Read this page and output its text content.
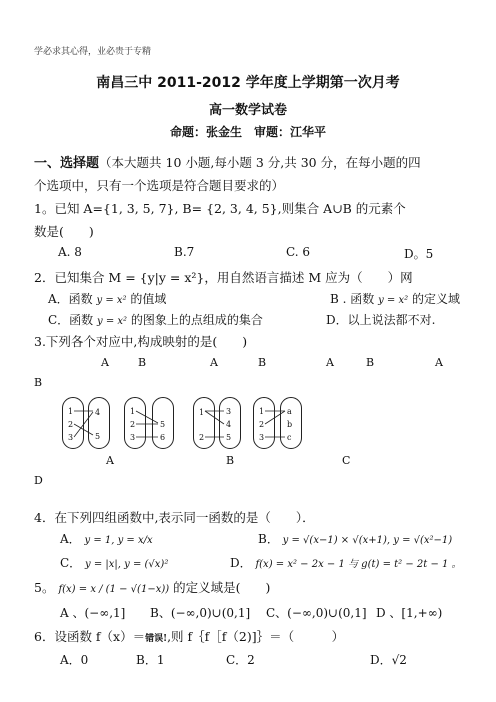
学必求其心得，业必贵于专精
南昌三中 2011-2012 学年度上学期第一次月考
高一数学试卷
命题：张金生　审题：江华平
一、选择题（本大题共 10 小题,每小题 3 分,共 30 分，在每小题的四
个选项中，只有一个选项是符合题目要求的）
1。已知 A={1, 3, 5, 7}, B= {2, 3, 4, 5},则集合 A∪B 的元素个
数是(　　)
A. 8	B.7	C. 6	D。5
2．已知集合 M = {y|y = x²}，用自然语言描述 M 应为（　　）网
A．函数 y = x² 的值域	B . 函数 y = x² 的定义域
C．函数 y = x² 的图象上的点组成的集合	D．以上说法都不对.
3.下列各个对应中,构成映射的是(　　)
A	B	A	B	A	B	A
B
1
2
3
4
5
1
2
3
5
6
1
2
3
4
5
1
2
3
a
b
c
A	B	C
D
4．在下列四组函数中,表示同一函数的是（　　）．
A． y = 1, y = x/x	B． y = √(x−1) × √(x+1), y = √(x²−1)
C． y = |x|, y = (√x)²	D． f(x) = x² − 2x − 1 与 g(t) = t² − 2t − 1 。
5。 f(x) = x / (1 − √(1−x)) 的定义域是(　　)
A 、(−∞,1] B、(−∞,0)∪(0,1] C、(−∞,0)∪(0,1] D 、[1,+∞)
6．设函数 f（x）＝错误!,则 f｛f［f（2)]｝＝（　　　）
A．0	B．1	C．2	D．√2
